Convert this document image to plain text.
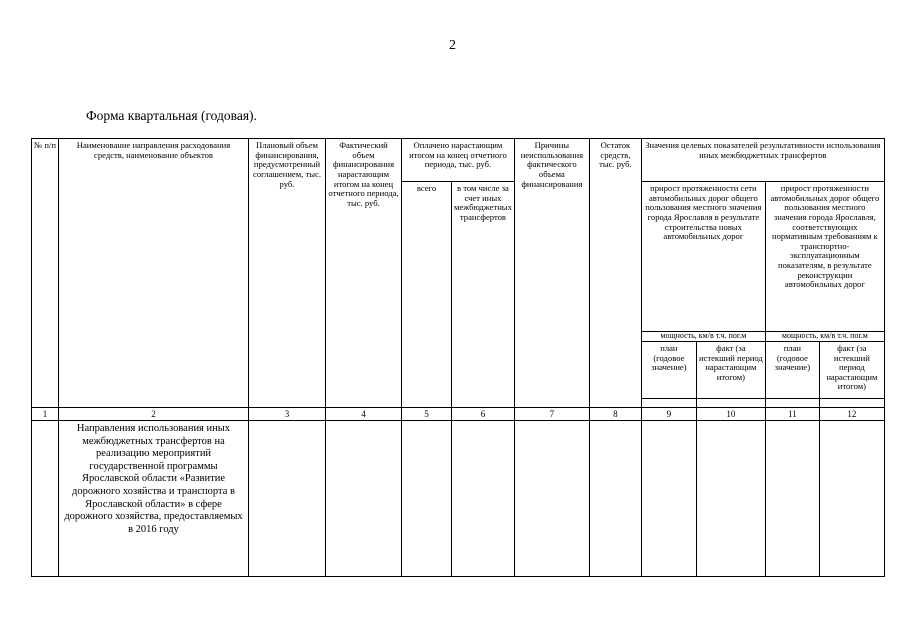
2
Форма квартальная (годовая).
№ п/п	Наименование направления расходования средств, наименование объектов	Плановый объем финансирования, предусмотренный соглашением, тыс. руб.	Фактический объем финансирования нарастающим итогом на конец отчетного периода, тыс. руб.	Оплачено нарастающим итогом на конец отчетного периода, тыс. руб.		Причины неиспользования фактического объема финансирования	Остаток средств, тыс. руб.	Значения целевых показателей результативности использования иных межбюджетных трансфертов			
				всего	в том числе за счет иных межбюджетных трансфертов			прирост протяженности сети автомобильных дорог общего пользования местного значения города Ярославля в результате строительства новых автомобильных дорог		прирост протяженности автомобильных дорог общего пользования местного значения города Ярославля, соответствующих нормативным требованиям к транспортно-эксплуатационным показателям, в результате реконструкции автомобильных дорог	
								мощность, км/в т.ч. пог.м		мощность, км/в т.ч. пог.м	
								план (годовое значение)	факт (за истекший период нарастающим итогом)	план (годовое значение)	факт (за истекший период нарастающим итогом)

1	2	3	4	5	6	7	8	9	10	11	12
	Направления использования иных межбюджетных трансфертов на реализацию мероприятий государственной программы Ярославской области «Развитие дорожного хозяйства и транспорта в Ярославской области» в сфере дорожного хозяйства, предоставляемых в 2016 году										
